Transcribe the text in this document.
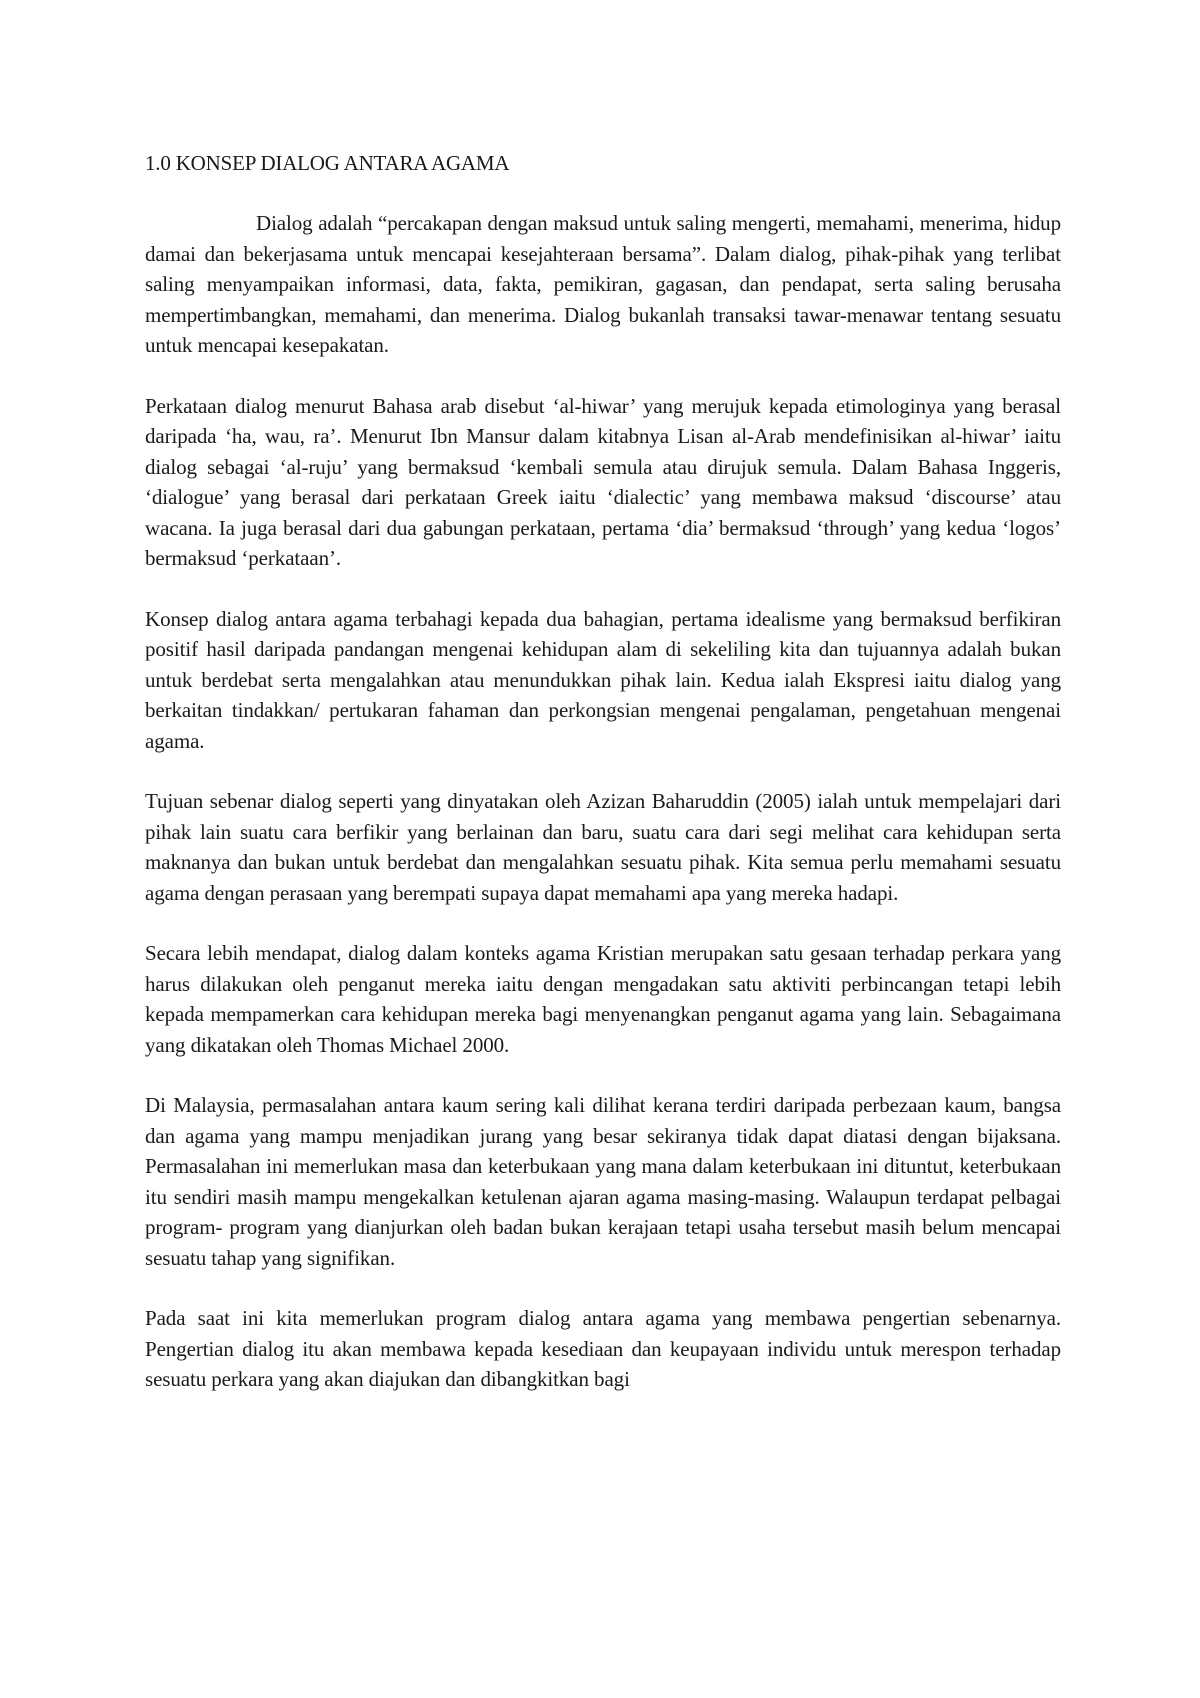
1.0 KONSEP DIALOG ANTARA AGAMA

Dialog adalah “percakapan dengan maksud untuk saling mengerti, memahami, menerima, hidup damai dan bekerjasama untuk mencapai kesejahteraan bersama”. Dalam dialog, pihak-pihak yang terlibat saling menyampaikan informasi, data, fakta, pemikiran, gagasan, dan pendapat, serta saling berusaha mempertimbangkan, memahami, dan menerima. Dialog bukanlah transaksi tawar-menawar tentang sesuatu untuk mencapai kesepakatan.

Perkataan dialog menurut Bahasa arab disebut ‘al-hiwar’ yang merujuk kepada etimologinya yang berasal daripada ‘ha, wau, ra’. Menurut Ibn Mansur dalam kitabnya Lisan al-Arab mendefinisikan al-hiwar’ iaitu dialog sebagai ‘al-ruju’ yang bermaksud ‘kembali semula atau dirujuk semula. Dalam Bahasa Inggeris, ‘dialogue’ yang berasal dari perkataan Greek iaitu ‘dialectic’ yang membawa maksud ‘discourse’ atau wacana. Ia juga berasal dari dua gabungan perkataan, pertama ‘dia’ bermaksud ‘through’ yang kedua ‘logos’ bermaksud ‘perkataan’.

Konsep dialog antara agama terbahagi kepada dua bahagian, pertama idealisme yang bermaksud berfikiran positif hasil daripada pandangan mengenai kehidupan alam di sekeliling kita dan tujuannya adalah bukan untuk berdebat serta mengalahkan atau menundukkan pihak lain. Kedua ialah Ekspresi iaitu dialog yang berkaitan tindakkan/ pertukaran fahaman dan perkongsian mengenai pengalaman, pengetahuan mengenai agama.

Tujuan sebenar dialog seperti yang dinyatakan oleh Azizan Baharuddin (2005) ialah untuk mempelajari dari pihak lain suatu cara berfikir yang berlainan dan baru, suatu cara dari segi melihat cara kehidupan serta maknanya dan bukan untuk berdebat dan mengalahkan sesuatu pihak. Kita semua perlu memahami sesuatu agama dengan perasaan yang berempati supaya dapat memahami apa yang mereka hadapi.

Secara lebih mendapat, dialog dalam konteks agama Kristian merupakan satu gesaan terhadap perkara yang harus dilakukan oleh penganut mereka iaitu dengan mengadakan satu aktiviti perbincangan tetapi lebih kepada mempamerkan cara kehidupan mereka bagi menyenangkan penganut agama yang lain. Sebagaimana yang dikatakan oleh Thomas Michael 2000.

Di Malaysia, permasalahan antara kaum sering kali dilihat kerana terdiri daripada perbezaan kaum, bangsa dan agama yang mampu menjadikan jurang yang besar sekiranya tidak dapat diatasi dengan bijaksana. Permasalahan ini memerlukan masa dan keterbukaan yang mana dalam keterbukaan ini dituntut, keterbukaan itu sendiri masih mampu mengekalkan ketulenan ajaran agama masing-masing. Walaupun terdapat pelbagai program- program yang dianjurkan oleh badan bukan kerajaan tetapi usaha tersebut masih belum mencapai sesuatu tahap yang signifikan.

Pada saat ini kita memerlukan program dialog antara agama yang membawa pengertian sebenarnya. Pengertian dialog itu akan membawa kepada kesediaan dan keupayaan individu untuk merespon terhadap sesuatu perkara yang akan diajukan dan dibangkitkan bagi
